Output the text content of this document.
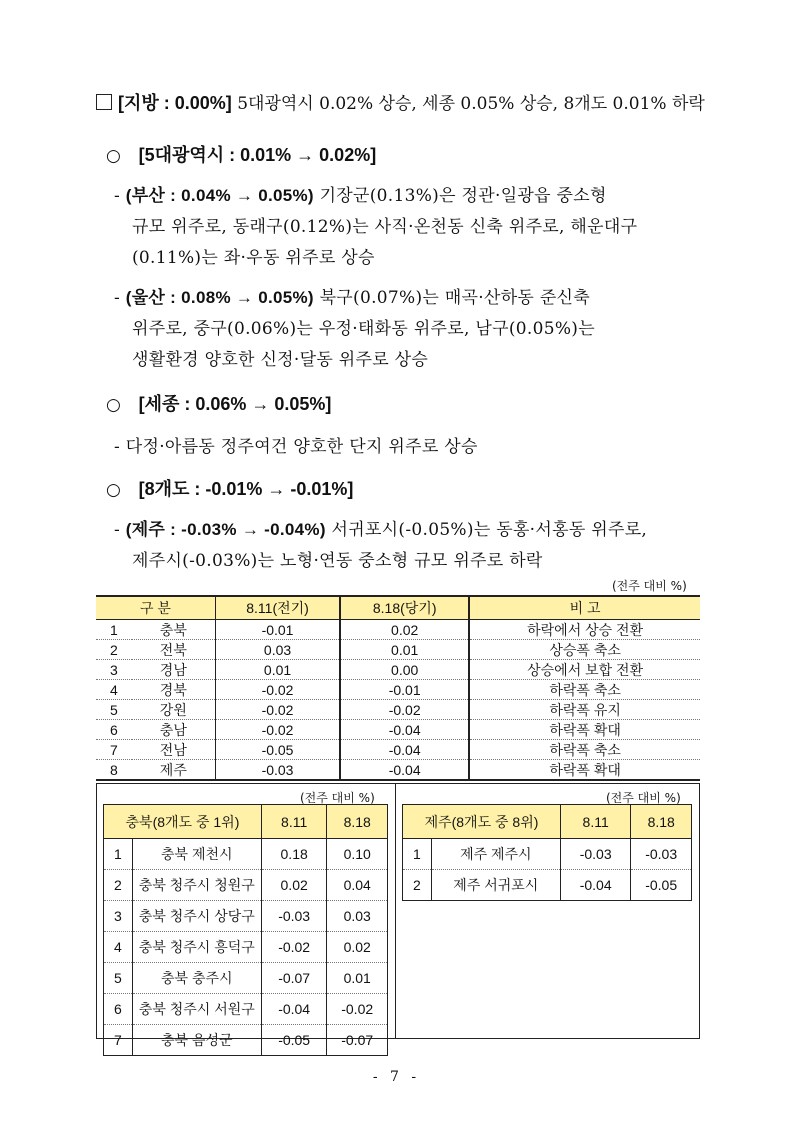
[지방 : 0.00%] 5대광역시 0.02% 상승, 세종 0.05% 상승, 8개도 0.01% 하락
○ [5대광역시 : 0.01% → 0.02%]
- (부산 : 0.04% → 0.05%) 기장군(0.13%)은 정관·일광읍 중소형
규모 위주로, 동래구(0.12%)는 사직·온천동 신축 위주로, 해운대구
(0.11%)는 좌·우동 위주로 상승
- (울산 : 0.08% → 0.05%) 북구(0.07%)는 매곡·산하동 준신축
위주로, 중구(0.06%)는 우정·태화동 위주로, 남구(0.05%)는
생활환경 양호한 신정·달동 위주로 상승
○ [세종 : 0.06% → 0.05%]
- 다정·아름동 정주여건 양호한 단지 위주로 상승
○ [8개도 : -0.01% → -0.01%]
- (제주 : -0.03% → -0.04%) 서귀포시(-0.05%)는 동홍·서홍동 위주로,
제주시(-0.03%)는 노형·연동 중소형 규모 위주로 하락
(전주 대비 %)
구 분		8.11(전기)	8.18(당기)	비 고
1	충북	-0.01	0.02	하락에서 상승 전환
2	전북	0.03	0.01	상승폭 축소
3	경남	0.01	0.00	상승에서 보합 전환
4	경북	-0.02	-0.01	하락폭 축소
5	강원	-0.02	-0.02	하락폭 유지
6	충남	-0.02	-0.04	하락폭 확대
7	전남	-0.05	-0.04	하락폭 축소
8	제주	-0.03	-0.04	하락폭 확대
(전주 대비 %)
충북(8개도 중 1위)		8.11	8.18
1	충북 제천시	0.18	0.10
2	충북 청주시 청원구	0.02	0.04
3	충북 청주시 상당구	-0.03	0.03
4	충북 청주시 흥덕구	-0.02	0.02
5	충북 충주시	-0.07	0.01
6	충북 청주시 서원구	-0.04	-0.02
7	충북 음성군	-0.05	-0.07
(전주 대비 %)
제주(8개도 중 8위)		8.11	8.18
1	제주 제주시	-0.03	-0.03
2	제주 서귀포시	-0.04	-0.05
- 7 -
